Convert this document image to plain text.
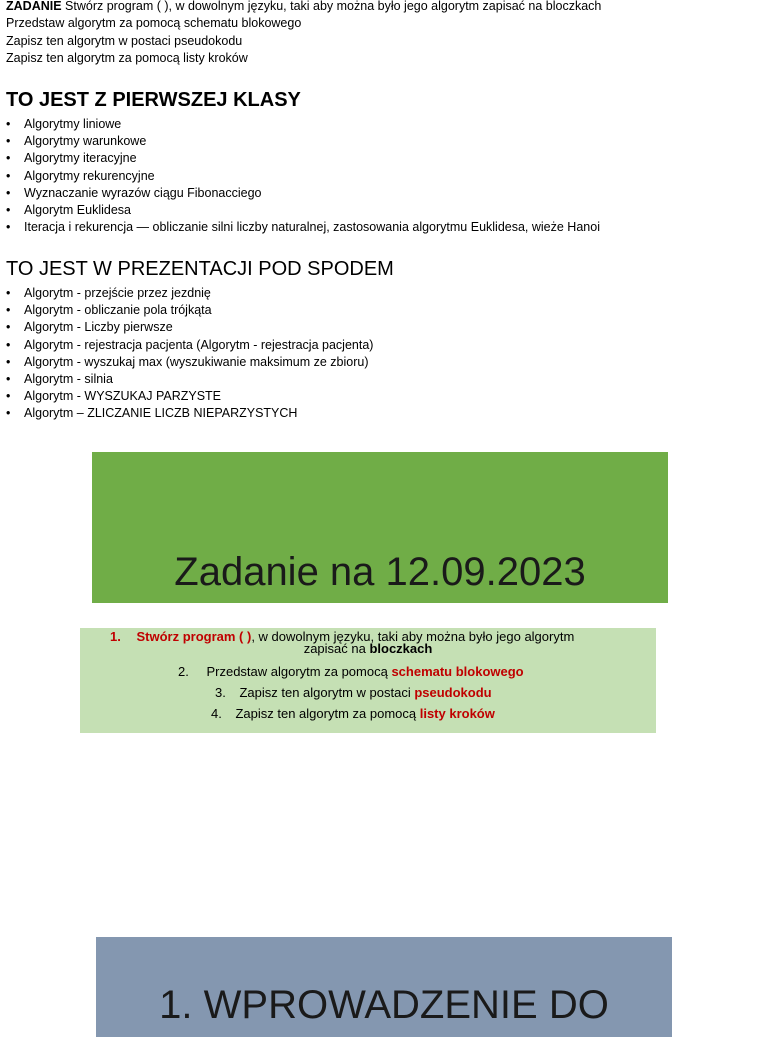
ZADANIE Stwórz program ( ), w dowolnym języku, taki aby można było jego algorytm zapisać na bloczkach
Przedstaw algorytm za pomocą schematu blokowego
Zapisz ten algorytm w postaci pseudokodu
Zapisz ten algorytm za pomocą listy kroków
TO JEST Z PIERWSZEJ KLASY
• Algorytmy liniowe
• Algorytmy warunkowe
• Algorytmy iteracyjne
• Algorytmy rekurencyjne
• Wyznaczanie wyrazów ciągu Fibonacciego
• Algorytm Euklidesa
• Iteracja i rekurencja — obliczanie silni liczby naturalnej, zastosowania algorytmu Euklidesa, wieże Hanoi
TO JEST W PREZENTACJI POD SPODEM
• Algorytm - przejście przez jezdnię
• Algorytm - obliczanie pola trójkąta
• Algorytm - Liczby pierwsze
• Algorytm - rejestracja pacjenta (Algorytm - rejestracja pacjenta)
• Algorytm - wyszukaj max (wyszukiwanie maksimum ze zbioru)
• Algorytm - silnia
• Algorytm - WYSZUKAJ PARZYSTE
• Algorytm – ZLICZANIE LICZB NIEPARZYSTYCH
Zadanie na 12.09.2023
1. Stwórz program ( ), w dowolnym języku, taki aby można było jego algorytm
zapisać na bloczkach
2. Przedstaw algorytm za pomocą schematu blokowego
3. Zapisz ten algorytm w postaci pseudokodu
4. Zapisz ten algorytm za pomocą listy kroków
1. WPROWADZENIE DO
